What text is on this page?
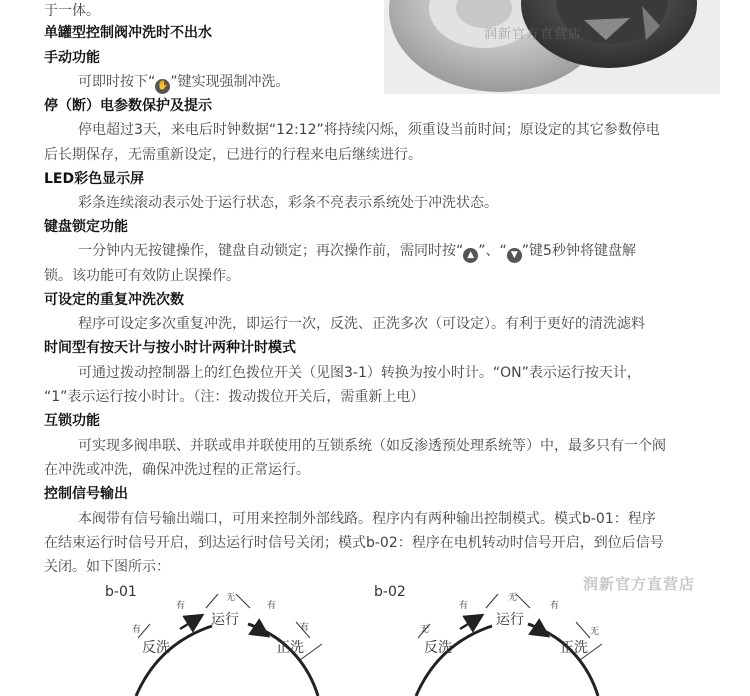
润新官方直营店
于一体。
单罐型控制阀冲洗时不出水
手动功能
可即时按下“ ✋ ”键实现强制冲洗。
停（断）电参数保护及提示
停电超过3天，来电后时钟数据“12:12”将持续闪烁，须重设当前时间；原设定的其它参数停电
后长期保存，无需重新设定，已进行的行程来电后继续进行。
LED彩色显示屏
彩条连续滚动表示处于运行状态，彩条不亮表示系统处于冲洗状态。
键盘锁定功能
一分钟内无按键操作，键盘自动锁定；再次操作前，需同时按“ ▲ ”、“ ▼ ”键5秒钟将键盘解
锁。该功能可有效防止误操作。
可设定的重复冲洗次数
程序可设定多次重复冲洗，即运行一次，反洗、正洗多次（可设定）。有利于更好的清洗滤料
时间型有按天计与按小时计两种计时模式
可通过拨动控制器上的红色拨位开关（见图3-1）转换为按小时计。“ON”表示运行按天计，
“1”表示运行按小时计。（注：拨动拨位开关后，需重新上电）
互锁功能
可实现多阀串联、并联或串并联使用的互锁系统（如反渗透预处理系统等）中，最多只有一个阀
在冲洗或冲洗，确保冲洗过程的正常运行。
控制信号输出
本阀带有信号输出端口，可用来控制外部线路。程序内有两种输出控制模式。模式b-01：程序
在结束运行时信号开启，到达运行时信号关闭；模式b-02：程序在电机转动时信号开启，到位后信号
关闭。如下图所示：
润新官方直营店
b-01
运行
反洗	正洗
有
无
有
有
有
b-02
运行
反洗	正洗
有
无
有
无
无
